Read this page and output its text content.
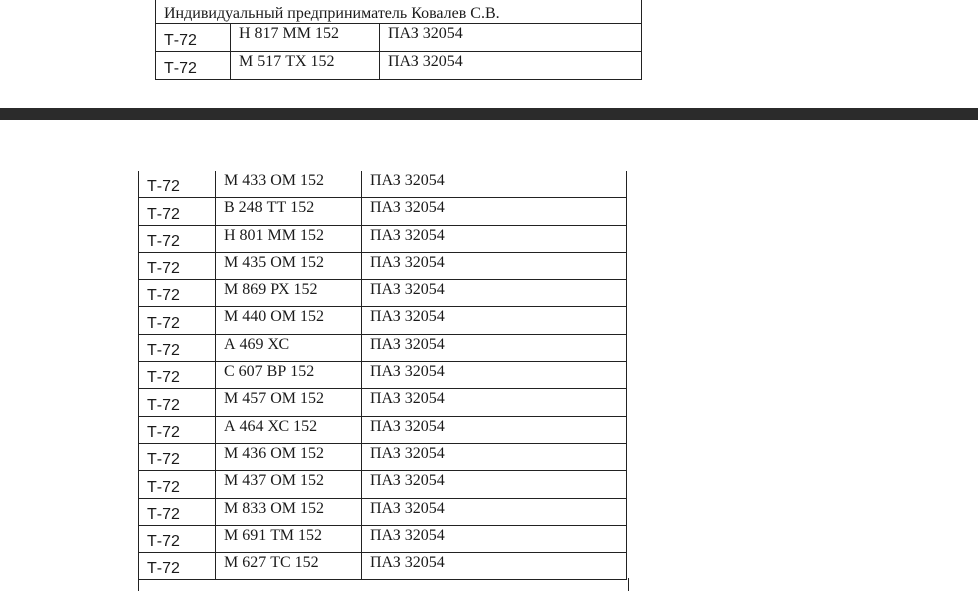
Индивидуальный предприниматель Ковалев С.В.		
Т-72	Н 817 ММ 152	ПАЗ 32054
Т-72	М 517 ТХ 152	ПАЗ 32054
Т-72	М 433 ОМ 152	ПАЗ 32054
Т-72	В 248 ТТ 152	ПАЗ 32054
Т-72	Н 801 ММ 152	ПАЗ 32054
Т-72	М 435 ОМ 152	ПАЗ 32054
Т-72	М 869 РХ 152	ПАЗ 32054
Т-72	М 440 ОМ 152	ПАЗ 32054
Т-72	А 469 ХС	ПАЗ 32054
Т-72	С 607 ВР 152	ПАЗ 32054
Т-72	М 457 ОМ 152	ПАЗ 32054
Т-72	А 464 ХС 152	ПАЗ 32054
Т-72	М 436 ОМ 152	ПАЗ 32054
Т-72	М 437 ОМ 152	ПАЗ 32054
Т-72	М 833 ОМ 152	ПАЗ 32054
Т-72	М 691 ТМ 152	ПАЗ 32054
Т-72	М 627 ТС 152	ПАЗ 32054
